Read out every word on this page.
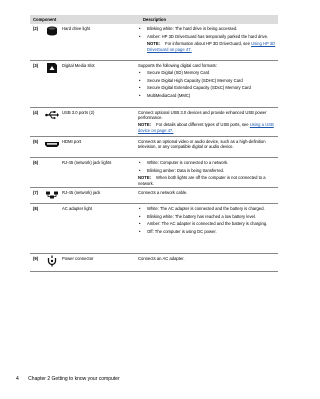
Component	Description
(2)	Hard drive light	• Blinking white: The hard drive is being accessed.
• Amber: HP 3D DriveGuard has temporarily parked the hard drive.
NOTE: For information about HP 3D DriveGuard, see Using HP 3D DriveGuard on page 47.
(3)	Digital Media Slot	Supports the following digital card formats:

• Secure Digital (SD) Memory Card
• Secure Digital High Capacity (SDHC) Memory Card
• Secure Digital Extended Capacity (SDxC) Memory Card
• MultiMediaCard (MMC)
(4)	USB 3.0 ports (2)	Connect optional USB 3.0 devices and provide enhanced USB power performance.

NOTE: For details about different types of USB ports, see Using a USB device on page 47.
(5)	HDMI port	Connects an optional video or audio device, such as a high-definition television, or any compatible digital or audio device.

(6)	RJ-45 (network) jack lights	• White: Computer is connected to a network.
• Blinking amber: Data is being transferred.
NOTE: When both lights are off the computer is not connected to a network.
(7)	RJ-45 (network) jack	Connects a network cable.

(8)	AC adapter light	• White: The AC adapter is connected and the battery is charged.
• Blinking white: The battery has reached a low battery level.
• Amber: The AC adapter is connected and the battery is charging.
• Off: The computer is using DC power.
(9)	Power connector	Connects an AC adapter.

4 Chapter 2 Getting to know your computer
